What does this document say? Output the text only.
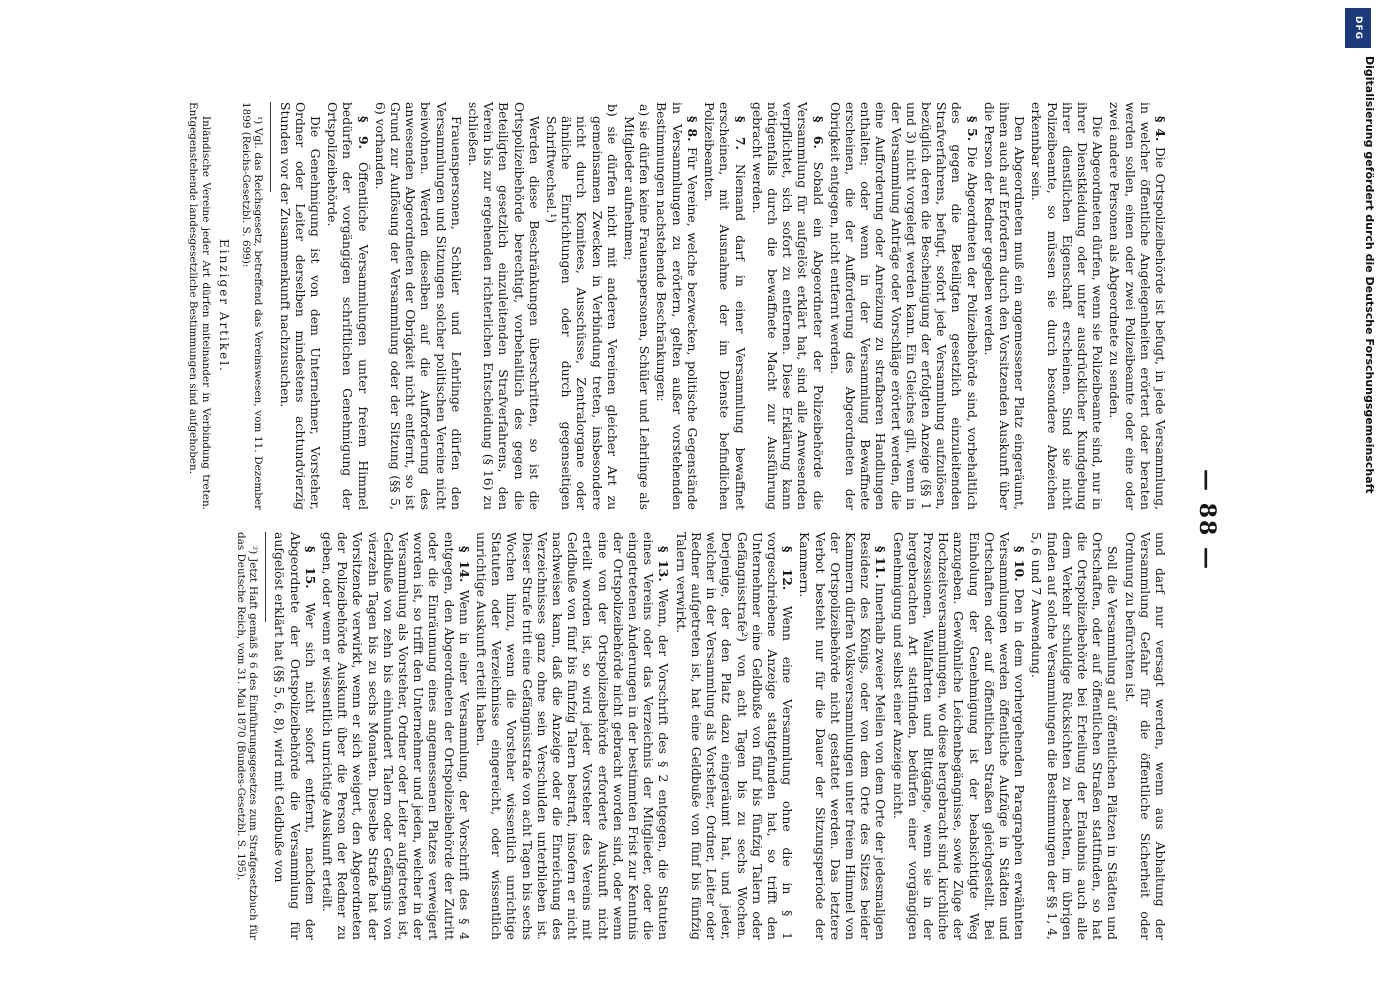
— 88 —

§ 4. Die Ortspolizeibehörde ist befugt, in jede Versammlung, in welcher öffentliche Angelegenheiten erörtert oder beraten werden sollen, einen oder zwei Polizeibeamte oder eine oder zwei andere Personen als Abgeordnete zu senden.

Die Abgeordneten dürfen, wenn sie Polizeibeamte sind, nur in ihrer Dienstkleidung oder unter ausdrücklicher Kundgebung ihrer dienstlichen Eigenschaft erscheinen. Sind sie nicht Polizeibeamte, so müssen sie durch besondere Abzeichen erkennbar sein.

Den Abgeordneten muß ein angemessener Platz eingeräumt, ihnen auch auf Erfordern durch den Vorsitzenden Auskunft über die Person der Redner gegeben werden.

§ 5. Die Abgeordneten der Polizeibehörde sind, vorbehaltlich des gegen die Beteiligten gesetzlich einzuleitenden Strafverfahrens, befugt, sofort jede Versammlung aufzulösen, bezüglich deren die Bescheinigung der erfolgten Anzeige (§§ 1 und 3) nicht vorgelegt werden kann. Ein Gleiches gilt, wenn in der Versammlung Anträge oder Vorschläge erörtert werden, die eine Aufforderung oder Anreizung zu strafbaren Handlungen enthalten; oder wenn in der Versammlung Bewaffnete erscheinen, die der Aufforderung des Abgeordneten der Obrigkeit entgegen, nicht entfernt werden.

§ 6. Sobald ein Abgeordneter der Polizeibehörde die Versammlung für aufgelöst erklärt hat, sind alle Anwesenden verpflichtet, sich sofort zu entfernen. Diese Erklärung kann nötigenfalls durch die bewaffnete Macht zur Ausführung gebracht werden.

§ 7. Niemand darf in einer Versammlung bewaffnet erscheinen, mit Ausnahme der im Dienste befindlichen Polizeibeamten.

§ 8. Für Vereine, welche bezwecken, politische Gegenstände in Versammlungen zu erörtern, gelten außer vorstehenden Bestimmungen nachstehende Beschränkungen:

a) sie dürfen keine Frauenspersonen, Schüler und Lehrlinge als Mitglieder aufnehmen;

b) sie dürfen nicht mit anderen Vereinen gleicher Art zu gemeinsamen Zwecken in Verbindung treten, insbesondere nicht durch Komitees, Ausschüsse, Zentralorgane oder ähnliche Einrichtungen oder durch gegenseitigen Schriftwechsel.¹)

Werden diese Beschränkungen überschritten, so ist die Ortspolizeibehörde berechtigt, vorbehaltlich des gegen die Beteiligten gesetzlich einzuleitenden Strafverfahrens, den Verein bis zur ergehenden richterlichen Entscheidung (§ 16) zu schließen.

Frauenspersonen, Schüler und Lehrlinge dürfen den Versammlungen und Sitzungen solcher politischen Vereine nicht beiwohnen. Werden dieselben auf die Aufforderung des anwesenden Abgeordneten der Obrigkeit nicht entfernt, so ist Grund zur Auflösung der Versammlung oder der Sitzung (§§ 5, 6) vorhanden.

§ 9. Öffentliche Versammlungen unter freiem Himmel bedürfen der vorgängigen schriftlichen Genehmigung der Ortspolizeibehörde.

Die Genehmigung ist von dem Unternehmer, Vorsteher, Ordner oder Leiter derselben mindestens achtundvierzig Stunden vor der Zusammenkunft nachzusuchen.

¹) Vgl. das Reichsgesetz, betreffend das Vereinswesen, vom 11. Dezember 1899 (Reichs-Gesetzbl. S. 699):

Einziger Artikel.

Inländische Vereine jeder Art dürfen miteinander in Verbindung treten. Entgegenstehende landesgesetzliche Bestimmungen sind aufgehoben.

und darf nur versagt werden, wenn aus Abhaltung der Versammlung Gefahr für die öffentliche Sicherheit oder Ordnung zu befürchten ist.

Soll die Versammlung auf öffentlichen Plätzen in Städten und Ortschaften, oder auf öffentlichen Straßen stattfinden, so hat die Ortspolizeibehörde bei Erteilung der Erlaubnis auch alle dem Verkehr schuldige Rücksichten zu beachten, im übrigen finden auf solche Versammlungen die Bestimmungen der §§ 1, 4, 5, 6 und 7 Anwendung.

§ 10. Den in dem vorhergehenden Paragraphen erwähnten Versammlungen werden öffentliche Aufzüge in Städten und Ortschaften oder auf öffentlichen Straßen gleichgestellt. Bei Einholung der Genehmigung ist der beabsichtigte Weg anzugeben. Gewöhnliche Leichenbegängnisse, sowie Züge der Hochzeitsversammlungen, wo diese hergebracht sind, kirchliche Prozessionen, Wallfahrten und Bittgänge, wenn sie in der hergebrachten Art stattfinden, bedürfen einer vorgängigen Genehmigung und selbst einer Anzeige nicht.

§ 11. Innerhalb zweier Meilen von dem Orte der jedesmaligen Residenz des Königs, oder von dem Orte des Sitzes beider Kammern dürfen Volksversammlungen unter freiem Himmel von der Ortspolizeibehörde nicht gestattet werden. Das letztere Verbot besteht nur für die Dauer der Sitzungsperiode der Kammern.

§ 12. Wenn eine Versammlung ohne die in § 1 vorgeschriebene Anzeige stattgefunden hat, so trifft den Unternehmer eine Geldbuße von fünf bis fünfzig Talern oder Gefängnisstrafe²) von acht Tagen bis zu sechs Wochen. Derjenige, der den Platz dazu eingeräumt hat, und jeder, welcher in der Versammlung als Vorsteher, Ordner, Leiter oder Redner aufgetreten ist, hat eine Geldbuße von fünf bis fünfzig Talern verwirkt.

§ 13. Wenn, der Vorschrift des § 2 entgegen, die Statuten eines Vereins oder das Verzeichnis der Mitglieder, oder die eingetretenen Änderungen in der bestimmten Frist zur Kenntnis der Ortspolizeibehörde nicht gebracht worden sind, oder wenn eine von der Ortspolizeibehörde erforderte Auskunft nicht erteilt worden ist, so wird jeder Vorsteher des Vereins mit Geldbuße von fünf bis fünfzig Talern bestraft, insofern er nicht nachweisen kann, daß die Anzeige oder die Einreichung des Verzeichnisses ganz ohne sein Verschulden unterblieben ist. Dieser Strafe tritt eine Gefängnisstrafe von acht Tagen bis sechs Wochen hinzu, wenn die Vorsteher wissentlich unrichtige Statuten oder Verzeichnisse eingereicht, oder wissentlich unrichtige Auskunft erteilt haben.

§ 14. Wenn in einer Versammlung, der Vorschrift des § 4 entgegen, den Abgeordneten der Ortspolizeibehörde der Zutritt oder die Einräumung eines angemessenen Platzes verweigert worden ist, so trifft den Unternehmer und jeden, welcher in der Versammlung als Vorsteher, Ordner oder Leiter aufgetreten ist, Geldbuße von zehn bis einhundert Talern oder Gefängnis von vierzehn Tagen bis zu sechs Monaten. Dieselbe Strafe hat der Vorsitzende verwirkt, wenn er sich weigert, den Abgeordneten der Polizeibehörde Auskunft über die Person der Redner zu geben, oder wenn er wissentlich unrichtige Auskunft erteilt.

§ 15. Wer sich nicht sofort entfernt, nachdem der Abgeordnete der Ortspolizeibehörde die Versammlung für aufgelöst erklärt hat (§§ 5, 6, 8), wird mit Geldbuße von

²) Jetzt Haft gemäß § 6 des Einführungsgesetzes zum Strafgesetzbuch für das Deutsche Reich, vom 31. Mai 1870 (Bundes-Gesetzbl. S. 195).

DFG
Digitalisierung gefördert durch die Deutsche Forschungsgemeinschaft
